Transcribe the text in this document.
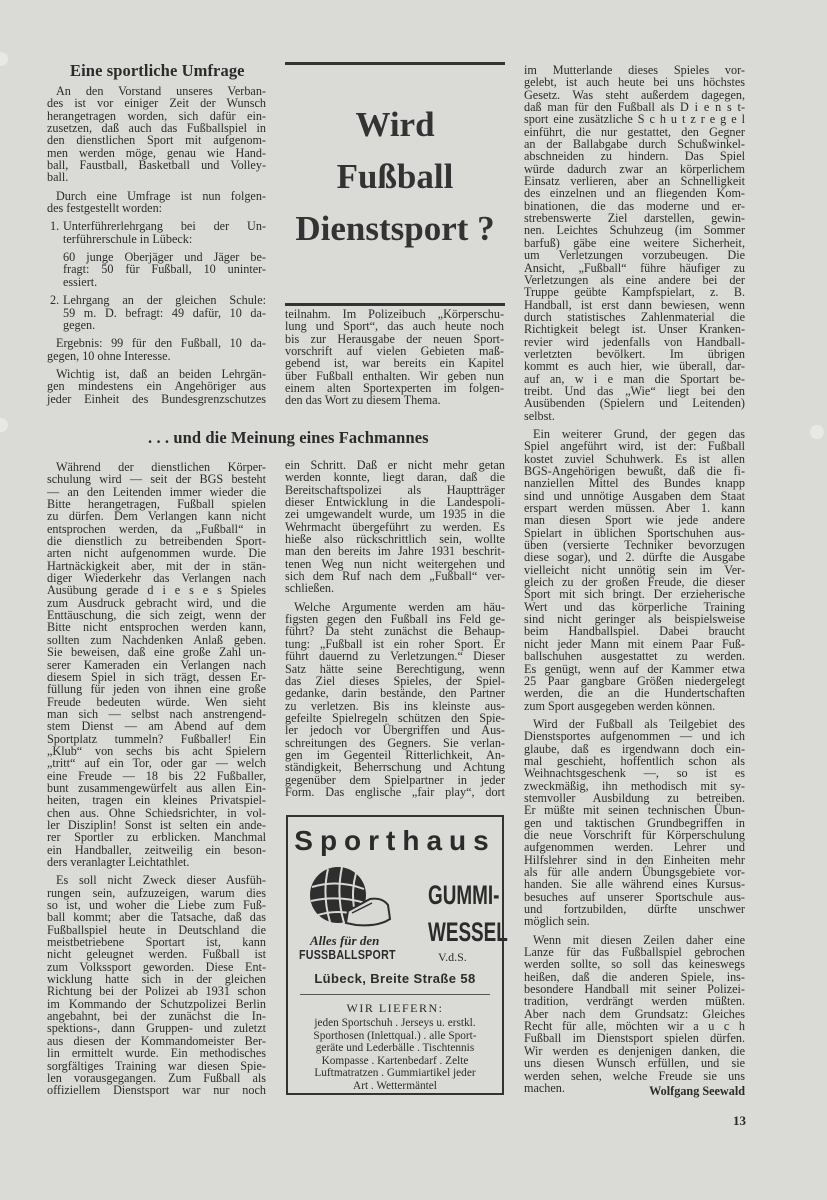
Eine sportliche Umfrage
An den Vorstand unseres Verban-
des ist vor einiger Zeit der Wunsch
herangetragen worden, sich dafür ein-
zusetzen, daß auch das Fußballspiel in
den dienstlichen Sport mit aufgenom-
men werden möge, genau wie Hand-
ball, Faustball, Basketball und Volley-
ball.
Durch eine Umfrage ist nun folgen-
des festgestellt worden:
1. Unterführerlehrgang bei der Un-
terführerschule in Lübeck:
60 junge Oberjäger und Jäger be-
fragt: 50 für Fußball, 10 uninter-
essiert.
2. Lehrgang an der gleichen Schule:
59 m. D. befragt: 49 dafür, 10 da-
gegen.
Ergebnis: 99 für den Fußball, 10 da-
gegen, 10 ohne Interesse.
Wichtig ist, daß an beiden Lehrgän-
gen mindestens ein Angehöriger aus
jeder Einheit des Bundesgrenzschutzes
Wird
Fußball
Dienstsport ?
teilnahm. Im Polizeibuch „Körperschu-
lung und Sport“, das auch heute noch
bis zur Herausgabe der neuen Sport-
vorschrift auf vielen Gebieten maß-
gebend ist, war bereits ein Kapitel
über Fußball enthalten. Wir geben nun
einem alten Sportexperten im folgen-
den das Wort zu diesem Thema.
. . . und die Meinung eines Fachmannes
Während der dienstlichen Körper-
schulung wird — seit der BGS besteht
— an den Leitenden immer wieder die
Bitte herangetragen, Fußball spielen
zu dürfen. Dem Verlangen kann nicht
entsprochen werden, da „Fußball“ in
die dienstlich zu betreibenden Sport-
arten nicht aufgenommen wurde. Die
Hartnäckigkeit aber, mit der in stän-
diger Wiederkehr das Verlangen nach
Ausübung gerade d i e s e s Spieles
zum Ausdruck gebracht wird, und die
Enttäuschung, die sich zeigt, wenn der
Bitte nicht entsprochen werden kann,
sollten zum Nachdenken Anlaß geben.
Sie beweisen, daß eine große Zahl un-
serer Kameraden ein Verlangen nach
diesem Spiel in sich trägt, dessen Er-
füllung für jeden von ihnen eine große
Freude bedeuten würde. Wen sieht
man sich — selbst nach anstrengend-
stem Dienst — am Abend auf dem
Sportplatz tummeln? Fußballer! Ein
„Klub“ von sechs bis acht Spielern
„tritt“ auf ein Tor, oder gar — welch
eine Freude — 18 bis 22 Fußballer,
bunt zusammengewürfelt aus allen Ein-
heiten, tragen ein kleines Privatspiel-
chen aus. Ohne Schiedsrichter, in vol-
ler Disziplin! Sonst ist selten ein ande-
rer Sportler zu erblicken. Manchmal
ein Handballer, zeitweilig ein beson-
ders veranlagter Leichtathlet.
Es soll nicht Zweck dieser Ausfüh-
rungen sein, aufzuzeigen, warum dies
so ist, und woher die Liebe zum Fuß-
ball kommt; aber die Tatsache, daß das
Fußballspiel heute in Deutschland die
meistbetriebene Sportart ist, kann
nicht geleugnet werden. Fußball ist
zum Volkssport geworden. Diese Ent-
wicklung hatte sich in der gleichen
Richtung bei der Polizei ab 1931 schon
im Kommando der Schutzpolizei Berlin
angebahnt, bei der zunächst die In-
spektions-, dann Gruppen- und zuletzt
aus diesen der Kommandomeister Ber-
lin ermittelt wurde. Ein methodisches
sorgfältiges Training war diesen Spie-
len vorausgegangen. Zum Fußball als
offiziellem Dienstsport war nur noch
ein Schritt. Daß er nicht mehr getan
werden konnte, liegt daran, daß die
Bereitschaftspolizei als Hauptträger
dieser Entwicklung in die Landespoli-
zei umgewandelt wurde, um 1935 in die
Wehrmacht übergeführt zu werden. Es
hieße also rückschrittlich sein, wollte
man den bereits im Jahre 1931 beschrit-
tenen Weg nun nicht weitergehen und
sich dem Ruf nach dem „Fußball“ ver-
schließen.
Welche Argumente werden am häu-
figsten gegen den Fußball ins Feld ge-
führt? Da steht zunächst die Behaup-
tung: „Fußball ist ein roher Sport. Er
führt dauernd zu Verletzungen.“ Dieser
Satz hätte seine Berechtigung, wenn
das Ziel dieses Spieles, der Spiel-
gedanke, darin bestände, den Partner
zu verletzen. Bis ins kleinste aus-
gefeilte Spielregeln schützen den Spie-
ler jedoch vor Übergriffen und Aus-
schreitungen des Gegners. Sie verlan-
gen im Gegenteil Ritterlichkeit, An-
ständigkeit, Beherrschung und Achtung
gegenüber dem Spielpartner in jeder
Form. Das englische „fair play“, dort
im Mutterlande dieses Spieles vor-
gelebt, ist auch heute bei uns höchstes
Gesetz. Was steht außerdem dagegen,
daß man für den Fußball als D i e n s t-
sport eine zusätzliche S c h u t z r e g e l
einführt, die nur gestattet, den Gegner
an der Ballabgabe durch Schußwinkel-
abschneiden zu hindern. Das Spiel
würde dadurch zwar an körperlichem
Einsatz verlieren, aber an Schnelligkeit
des einzelnen und an fliegenden Kom-
binationen, die das moderne und er-
strebenswerte Ziel darstellen, gewin-
nen. Leichtes Schuhzeug (im Sommer
barfuß) gäbe eine weitere Sicherheit,
um Verletzungen vorzubeugen. Die
Ansicht, „Fußball“ führe häufiger zu
Verletzungen als eine andere bei der
Truppe geübte Kampfspielart, z. B.
Handball, ist erst dann bewiesen, wenn
durch statistisches Zahlenmaterial die
Richtigkeit belegt ist. Unser Kranken-
revier wird jedenfalls von Handball-
verletzten bevölkert. Im übrigen
kommt es auch hier, wie überall, dar-
auf an, w i e man die Sportart be-
treibt. Und das „Wie“ liegt bei den
Ausübenden (Spielern und Leitenden)
selbst.
Ein weiterer Grund, der gegen das
Spiel angeführt wird, ist der: Fußball
kostet zuviel Schuhwerk. Es ist allen
BGS-Angehörigen bewußt, daß die fi-
nanziellen Mittel des Bundes knapp
sind und unnötige Ausgaben dem Staat
erspart werden müssen. Aber 1. kann
man diesen Sport wie jede andere
Spielart in üblichen Sportschuhen aus-
üben (versierte Techniker bevorzugen
diese sogar), und 2. dürfte die Ausgabe
vielleicht nicht unnötig sein im Ver-
gleich zu der großen Freude, die dieser
Sport mit sich bringt. Der erzieherische
Wert und das körperliche Training
sind nicht geringer als beispielsweise
beim Handballspiel. Dabei braucht
nicht jeder Mann mit einem Paar Fuß-
ballschuhen ausgestattet zu werden.
Es genügt, wenn auf der Kammer etwa
25 Paar gangbare Größen niedergelegt
werden, die an die Hundertschaften
zum Sport ausgegeben werden können.
Wird der Fußball als Teilgebiet des
Dienstsportes aufgenommen — und ich
glaube, daß es irgendwann doch ein-
mal geschieht, hoffentlich schon als
Weihnachtsgeschenk —, so ist es
zweckmäßig, ihn methodisch mit sy-
stemvoller Ausbildung zu betreiben.
Er müßte mit seinen technischen Übun-
gen und taktischen Grundbegriffen in
die neue Vorschrift für Körperschulung
aufgenommen werden. Lehrer und
Hilfslehrer sind in den Einheiten mehr
als für alle andern Übungsgebiete vor-
handen. Sie alle während eines Kursus-
besuches auf unserer Sportschule aus-
und fortzubilden, dürfte unschwer
möglich sein.
Wenn mit diesen Zeilen daher eine
Lanze für das Fußballspiel gebrochen
werden sollte, so soll das keineswegs
heißen, daß die anderen Spiele, ins-
besondere Handball mit seiner Polizei-
tradition, verdrängt werden müßten.
Aber nach dem Grundsatz: Gleiches
Recht für alle, möchten wir a u c h
Fußball im Dienstsport spielen dürfen.
Wir werden es denjenigen danken, die
uns diesen Wunsch erfüllen, und sie
werden sehen, welche Freude sie uns
machen.	Wolfgang Seewald
Sporthaus
Alles für den
FUSSBALLSPORT
GUMMI-
WESSEL
V.d.S.
Lübeck, Breite Straße 58
WIR LIEFERN:
jeden Sportschuh . Jerseys u. erstkl.
Sporthosen (Inlettqual.) . alle Sport-
geräte und Lederbälle . Tischtennis
Kompasse . Kartenbedarf . Zelte
Luftmatratzen . Gummiartikel jeder
Art . Wettermäntel
13
